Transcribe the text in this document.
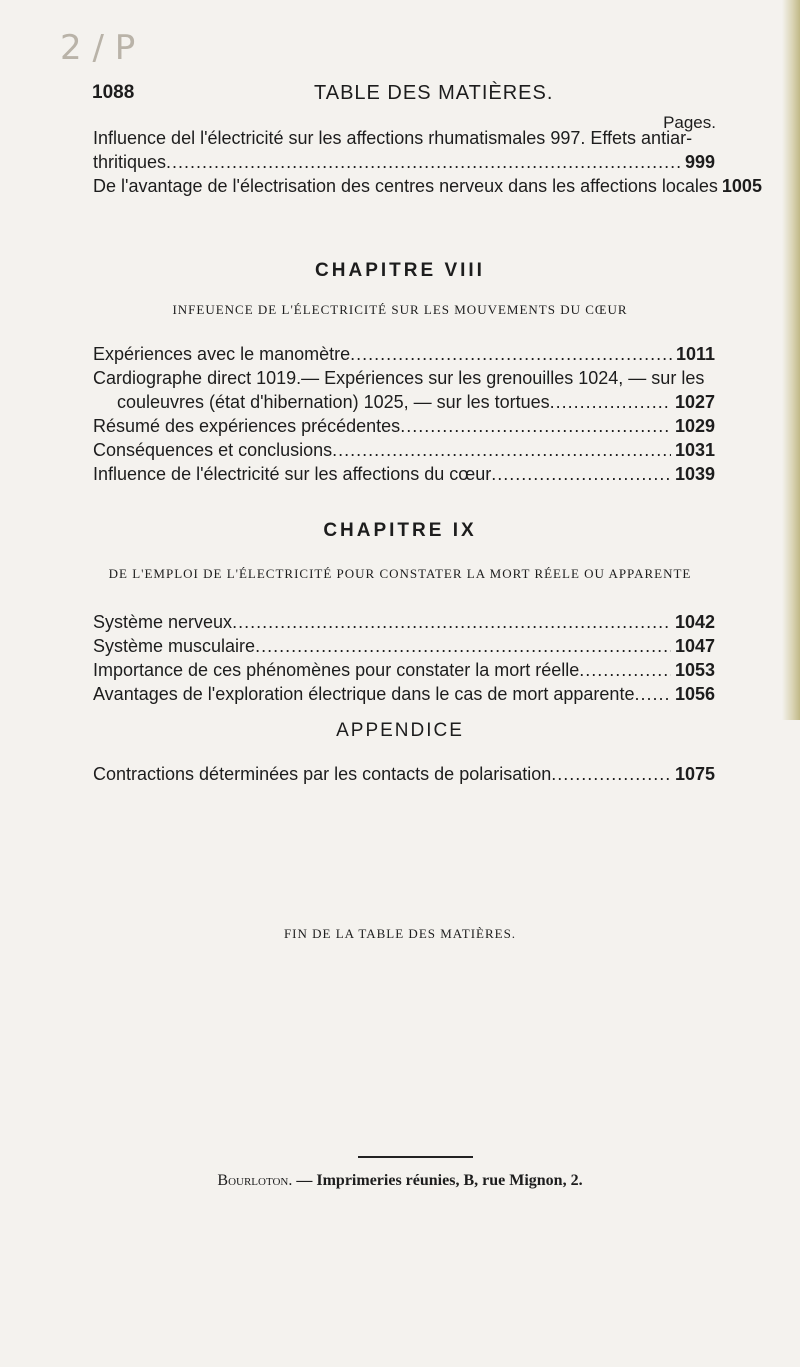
2 / P
1088	TABLE DES MATIÈRES.
Pages.
Influence del l'électricité sur les affections rhumatismales 997. Effets antiar-
thritiques .....	999
De l'avantage de l'électrisation des centres nerveux dans les affections locales 1005
CHAPITRE VIII
INFEUENCE DE L'ÉLECTRICITÉ SUR LES MOUVEMENTS DU CŒUR
Expériences avec le manomètre .....	1011
Cardiographe direct 1019.— Expériences sur les grenouilles 1024, — sur les
couleuvres (état d'hibernation) 1025, — sur les tortues .....	1027
Résumé des expériences précédentes .....	1029
Conséquences et conclusions .....	1031
Influence de l'électricité sur les affections du cœur .....	1039
CHAPITRE IX
DE L'EMPLOI DE L'ÉLECTRICITÉ POUR CONSTATER LA MORT RÉELE OU APPARENTE
Système nerveux .....	1042
Système musculaire .....	1047
Importance de ces phénomènes pour constater la mort réelle .....	1053
Avantages de l'exploration électrique dans le cas de mort apparente ..... 1056
APPENDICE
Contractions déterminées par les contacts de polarisation .....	1075
FIN DE LA TABLE DES MATIÈRES.
Bourloton. — Imprimeries réunies, B, rue Mignon, 2.
